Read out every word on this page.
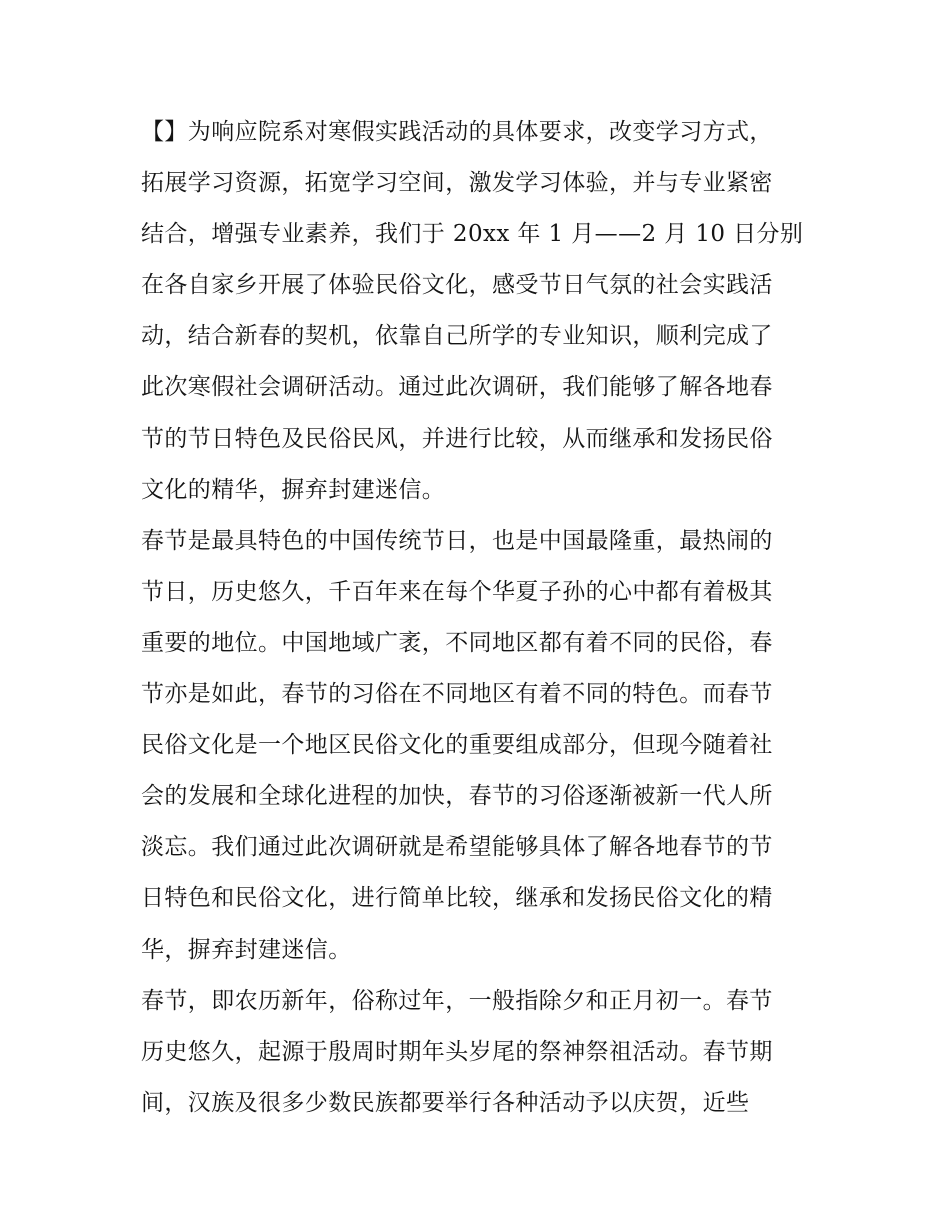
【】为响应院系对寒假实践活动的具体要求，改变学习方式，
拓展学习资源，拓宽学习空间，激发学习体验，并与专业紧密
结合，增强专业素养，我们于 20xx 年 1 月——2 月 10 日分别
在各自家乡开展了体验民俗文化，感受节日气氛的社会实践活
动，结合新春的契机，依靠自己所学的专业知识，顺利完成了
此次寒假社会调研活动。通过此次调研，我们能够了解各地春
节的节日特色及民俗民风，并进行比较，从而继承和发扬民俗
文化的精华，摒弃封建迷信。
春节是最具特色的中国传统节日，也是中国最隆重，最热闹的
节日，历史悠久，千百年来在每个华夏子孙的心中都有着极其
重要的地位。中国地域广袤，不同地区都有着不同的民俗，春
节亦是如此，春节的习俗在不同地区有着不同的特色。而春节
民俗文化是一个地区民俗文化的重要组成部分，但现今随着社
会的发展和全球化进程的加快，春节的习俗逐渐被新一代人所
淡忘。我们通过此次调研就是希望能够具体了解各地春节的节
日特色和民俗文化，进行简单比较，继承和发扬民俗文化的精
华，摒弃封建迷信。
春节，即农历新年，俗称过年，一般指除夕和正月初一。春节
历史悠久，起源于殷周时期年头岁尾的祭神祭祖活动。春节期
间，汉族及很多少数民族都要举行各种活动予以庆贺，近些
